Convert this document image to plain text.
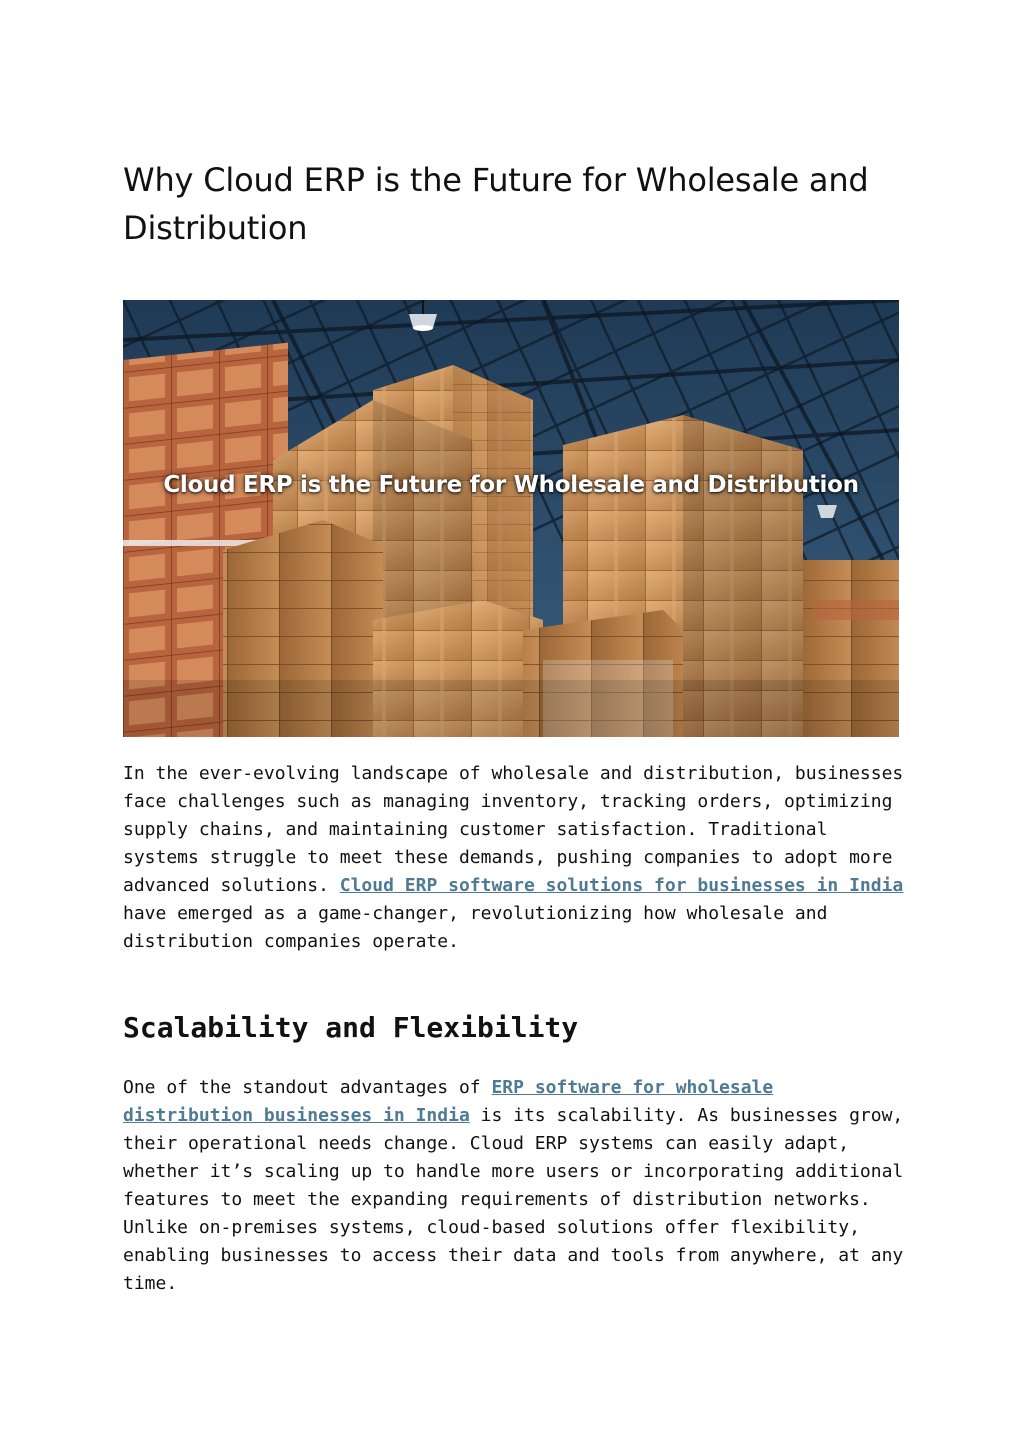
Why Cloud ERP is the Future for Wholesale and Distribution
Cloud ERP is the Future for Wholesale and Distribution

In the ever-evolving landscape of wholesale and distribution, businesses face challenges such as managing inventory, tracking orders, optimizing supply chains, and maintaining customer satisfaction. Traditional systems struggle to meet these demands, pushing companies to adopt more advanced solutions. Cloud ERP software solutions for businesses in India have emerged as a game-changer, revolutionizing how wholesale and distribution companies operate.

Scalability and Flexibility

One of the standout advantages of ERP software for wholesale distribution businesses in India is its scalability. As businesses grow, their operational needs change. Cloud ERP systems can easily adapt, whether it’s scaling up to handle more users or incorporating additional features to meet the expanding requirements of distribution networks. Unlike on-premises systems, cloud-based solutions offer flexibility, enabling businesses to access their data and tools from anywhere, at any time.
